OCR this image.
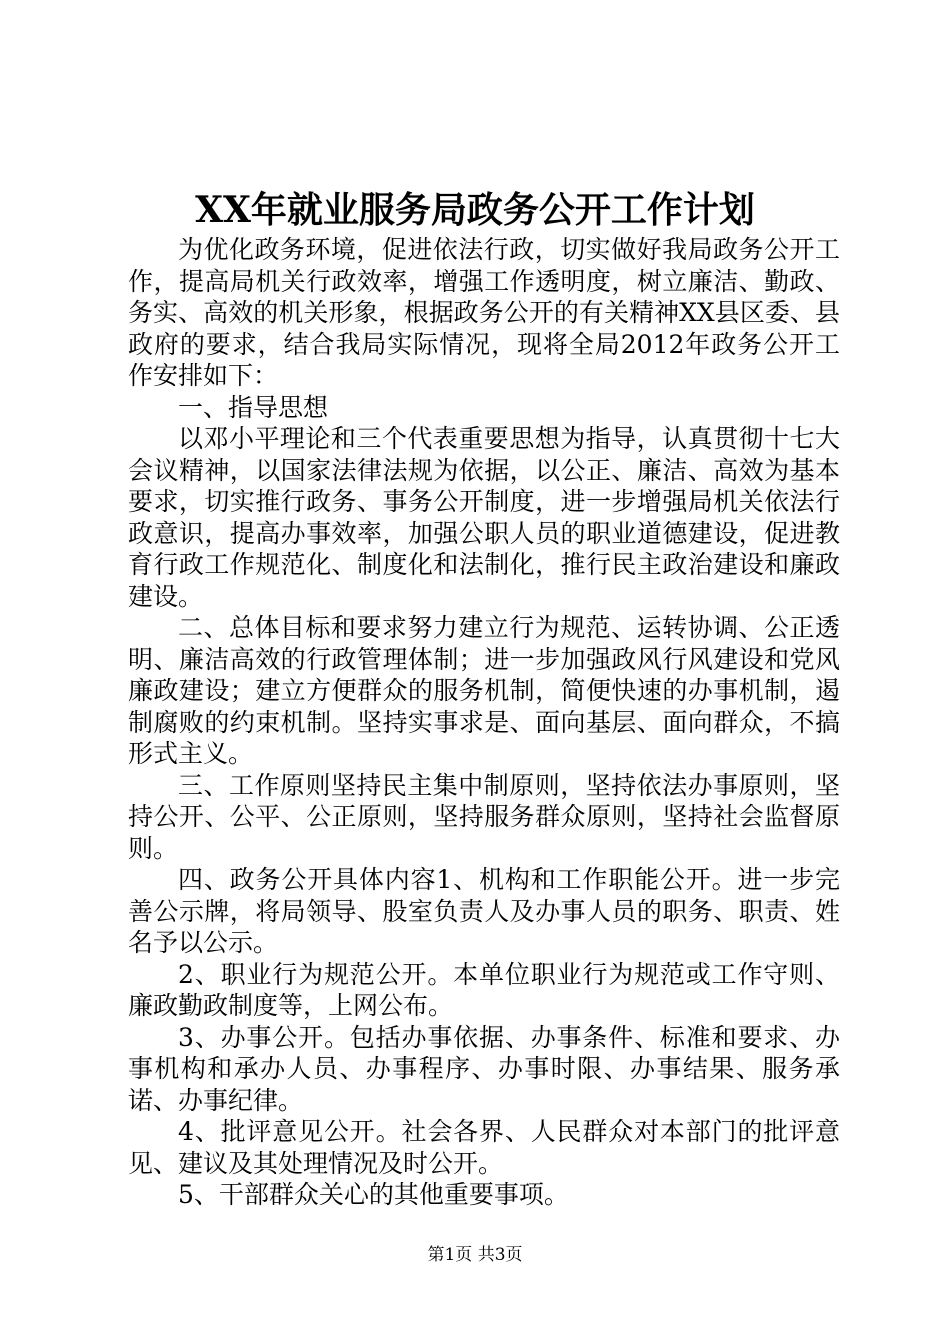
XX年就业服务局政务公开工作计划

为优化政务环境，促进依法行政，切实做好我局政务公开工作，提高局机关行政效率，增强工作透明度，树立廉洁、勤政、务实、高效的机关形象，根据政务公开的有关精神XX县区委、县政府的要求，结合我局实际情况，现将全局2012年政务公开工作安排如下：

一、指导思想

以邓小平理论和三个代表重要思想为指导，认真贯彻十七大会议精神，以国家法律法规为依据，以公正、廉洁、高效为基本要求，切实推行政务、事务公开制度，进一步增强局机关依法行政意识，提高办事效率，加强公职人员的职业道德建设，促进教育行政工作规范化、制度化和法制化，推行民主政治建设和廉政建设。

二、总体目标和要求努力建立行为规范、运转协调、公正透明、廉洁高效的行政管理体制；进一步加强政风行风建设和党风廉政建设；建立方便群众的服务机制，简便快速的办事机制，遏制腐败的约束机制。坚持实事求是、面向基层、面向群众，不搞形式主义。

三、工作原则坚持民主集中制原则，坚持依法办事原则，坚持公开、公平、公正原则，坚持服务群众原则，坚持社会监督原则。

四、政务公开具体内容1、机构和工作职能公开。进一步完善公示牌，将局领导、股室负责人及办事人员的职务、职责、姓名予以公示。

2、职业行为规范公开。本单位职业行为规范或工作守则、廉政勤政制度等，上网公布。

3、办事公开。包括办事依据、办事条件、标准和要求、办事机构和承办人员、办事程序、办事时限、办事结果、服务承诺、办事纪律。

4、批评意见公开。社会各界、人民群众对本部门的批评意见、建议及其处理情况及时公开。

5、干部群众关心的其他重要事项。

第1页 共3页
